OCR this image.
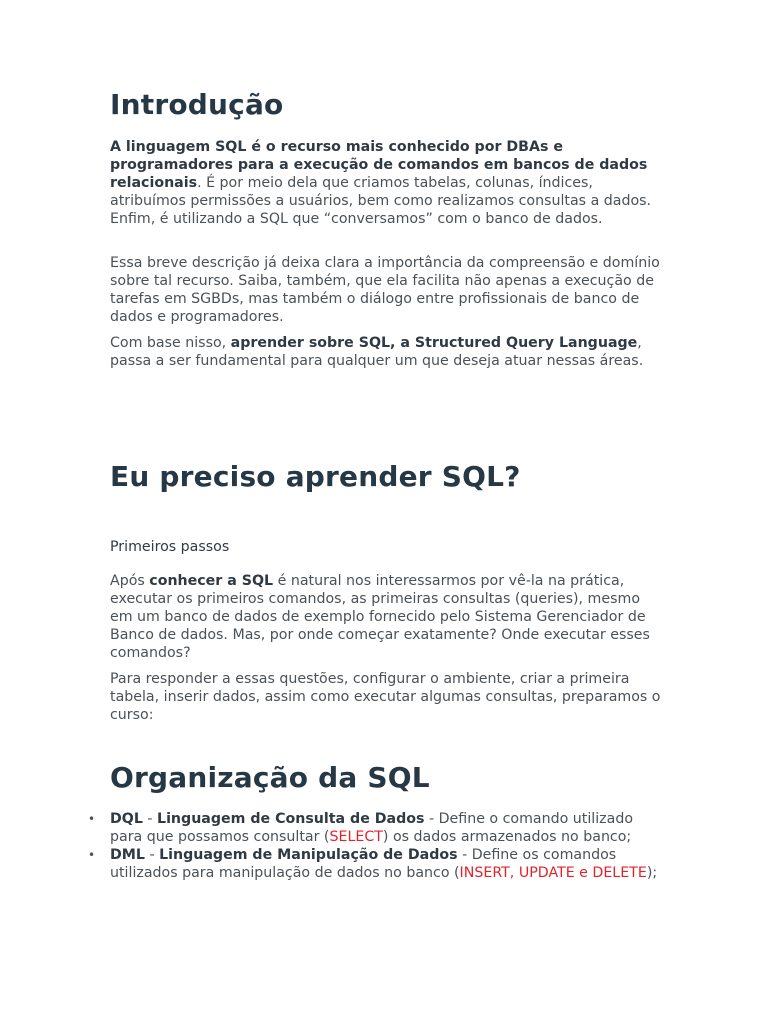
Introdução

A linguagem SQL é o recurso mais conhecido por DBAs e programadores para a execução de comandos em bancos de dados relacionais. É por meio dela que criamos tabelas, colunas, índices, atribuímos permissões a usuários, bem como realizamos consultas a dados. Enfim, é utilizando a SQL que “conversamos” com o banco de dados.

Essa breve descrição já deixa clara a importância da compreensão e domínio sobre tal recurso. Saiba, também, que ela facilita não apenas a execução de tarefas em SGBDs, mas também o diálogo entre profissionais de banco de dados e programadores.

Com base nisso, aprender sobre SQL, a Structured Query Language, passa a ser fundamental para qualquer um que deseja atuar nessas áreas.

Eu preciso aprender SQL?
Primeiros passos

Após conhecer a SQL é natural nos interessarmos por vê-la na prática, executar os primeiros comandos, as primeiras consultas (queries), mesmo em um banco de dados de exemplo fornecido pelo Sistema Gerenciador de Banco de dados. Mas, por onde começar exatamente? Onde executar esses comandos?

Para responder a essas questões, configurar o ambiente, criar a primeira tabela, inserir dados, assim como executar algumas consultas, preparamos o curso:

Organização da SQL
• DQL - Linguagem de Consulta de Dados - Define o comando utilizado para que possamos consultar (SELECT) os dados armazenados no banco;
• DML - Linguagem de Manipulação de Dados - Define os comandos utilizados para manipulação de dados no banco (INSERT, UPDATE e DELETE);
